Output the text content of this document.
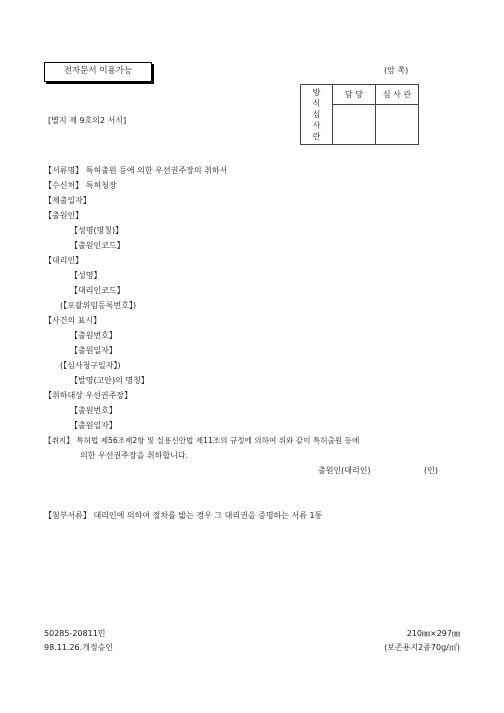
전자문서 이용가능	(앞 쪽)
방
식
심
사
란	담 당	심 사 관

[별지 제 9호의2 서식]
【서류명】 특허출원 등에 의한 우선권주장의 취하서
【수신처】 특허청장
【제출일자】
【출원인】
【성명(명칭)】
【출원인코드】
【대리인】
【성명】
【대리인코드】
(【포괄위임등록번호】)
【사건의 표시】
【출원번호】
【출원일자】
(【심사청구일자】)
【발명(고안)의 명칭】
【취하대상 우선권주장】
【출원번호】
【출원일자】
【취지】 특허법 제56조제2항 및 실용신안법 제11조의 규정에 의하여 위와 같이 특허출원 등에
의한 우선권주장을 취하합니다.
출원인(대리인)	(인)
【첨부서류】 대리인에 의하여 절차를 밟는 경우 그 대리권을 증명하는 서류 1통
50285-20811민
98.11.26.개정승인
210㎜×297㎜
(보존용지2종70g/㎡)
